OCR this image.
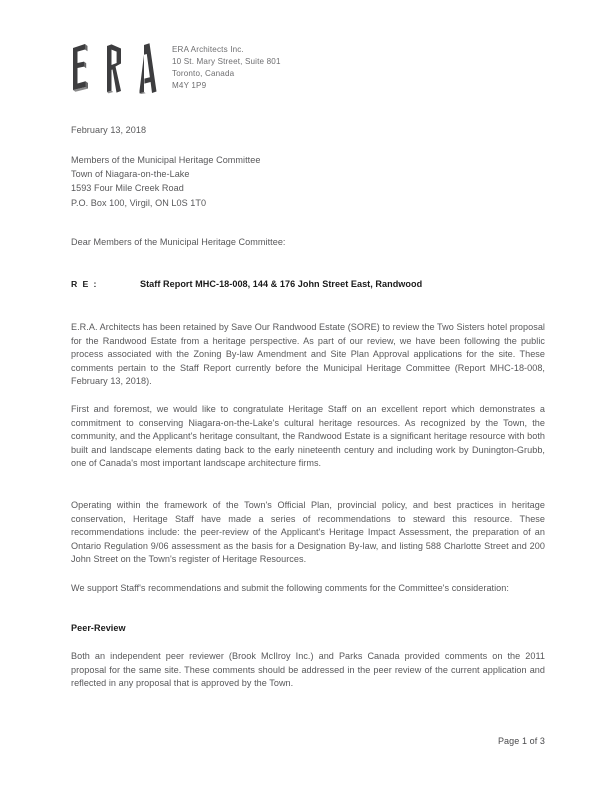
ERA Architects Inc.
10 St. Mary Street, Suite 801
Toronto, Canada
M4Y 1P9
February 13, 2018
Members of the Municipal Heritage Committee
Town of Niagara-on-the-Lake
1593 Four Mile Creek Road
P.O. Box 100, Virgil, ON L0S 1T0
Dear Members of the Municipal Heritage Committee:
R E :	Staff Report MHC-18-008, 144 & 176 John Street East, Randwood
E.R.A. Architects has been retained by Save Our Randwood Estate (SORE) to review the Two Sisters hotel proposal for the Randwood Estate from a heritage perspective. As part of our review, we have been following the public process associated with the Zoning By-law Amendment and Site Plan Approval applications for the site. These comments pertain to the Staff Report currently before the Municipal Heritage Committee (Report MHC-18-008, February 13, 2018).
First and foremost, we would like to congratulate Heritage Staff on an excellent report which demonstrates a commitment to conserving Niagara-on-the-Lake's cultural heritage resources. As recognized by the Town, the community, and the Applicant's heritage consultant, the Randwood Estate is a significant heritage resource with both built and landscape elements dating back to the early nineteenth century and including work by Dunington-Grubb, one of Canada's most important landscape architecture firms.
Operating within the framework of the Town's Official Plan, provincial policy, and best practices in heritage conservation, Heritage Staff have made a series of recommendations to steward this resource. These recommendations include: the peer-review of the Applicant's Heritage Impact Assessment, the preparation of an Ontario Regulation 9/06 assessment as the basis for a Designation By-law, and listing 588 Charlotte Street and 200 John Street on the Town's register of Heritage Resources.
We support Staff's recommendations and submit the following comments for the Committee's consideration:
Peer-Review
Both an independent peer reviewer (Brook McIlroy Inc.) and Parks Canada provided comments on the 2011 proposal for the same site. These comments should be addressed in the peer review of the current application and reflected in any proposal that is approved by the Town.
Page 1 of 3
